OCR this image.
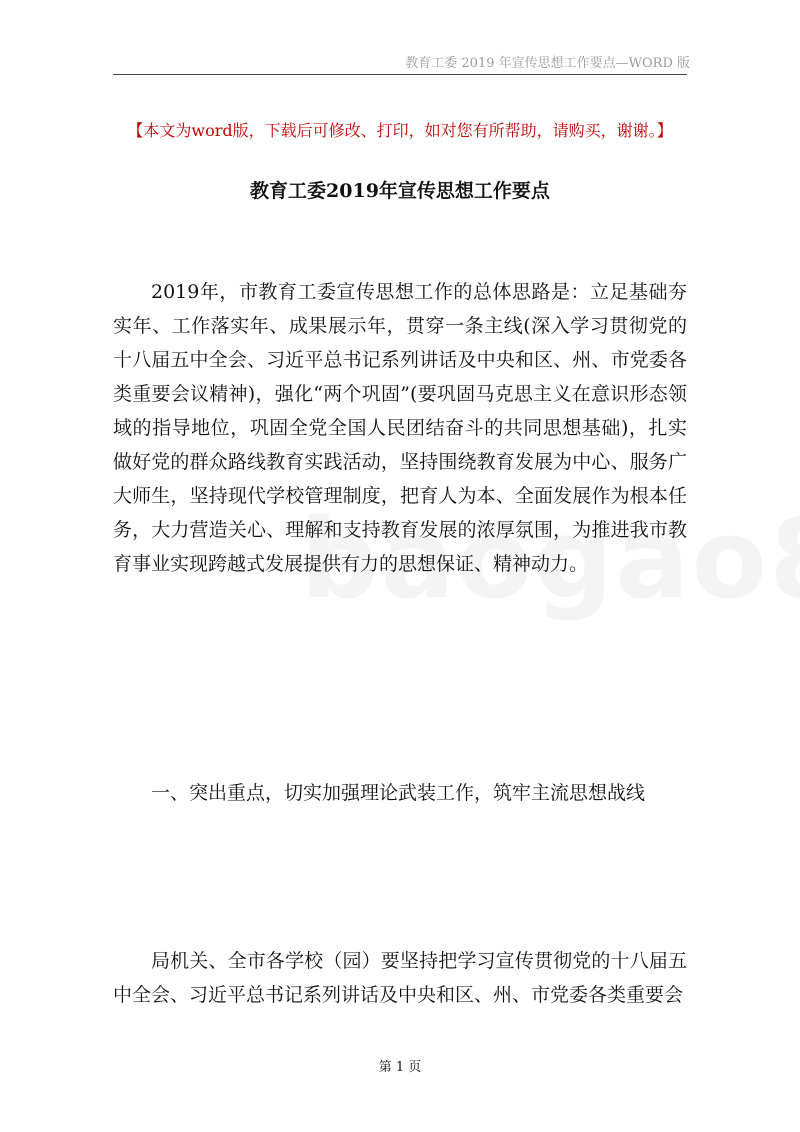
教育工委 2019 年宣传思想工作要点—WORD 版
【本文为word版，下载后可修改、打印，如对您有所帮助，请购买，谢谢。】
教育工委2019年宣传思想工作要点

2019年，市教育工委宣传思想工作的总体思路是：立足基础夯实年、工作落实年、成果展示年，贯穿一条主线(深入学习贯彻党的十八届五中全会、习近平总书记系列讲话及中央和区、州、市党委各类重要会议精神)，强化“两个巩固”(要巩固马克思主义在意识形态领域的指导地位，巩固全党全国人民团结奋斗的共同思想基础)，扎实做好党的群众路线教育实践活动，坚持围绕教育发展为中心、服务广大师生，坚持现代学校管理制度，把育人为本、全面发展作为根本任务，大力营造关心、理解和支持教育发展的浓厚氛围，为推进我市教育事业实现跨越式发展提供有力的思想保证、精神动力。

一、突出重点，切实加强理论武装工作，筑牢主流思想战线

局机关、全市各学校（园）要坚持把学习宣传贯彻党的十八届五中全会、习近平总书记系列讲话及中央和区、州、市党委各类重要会

第 1 页
